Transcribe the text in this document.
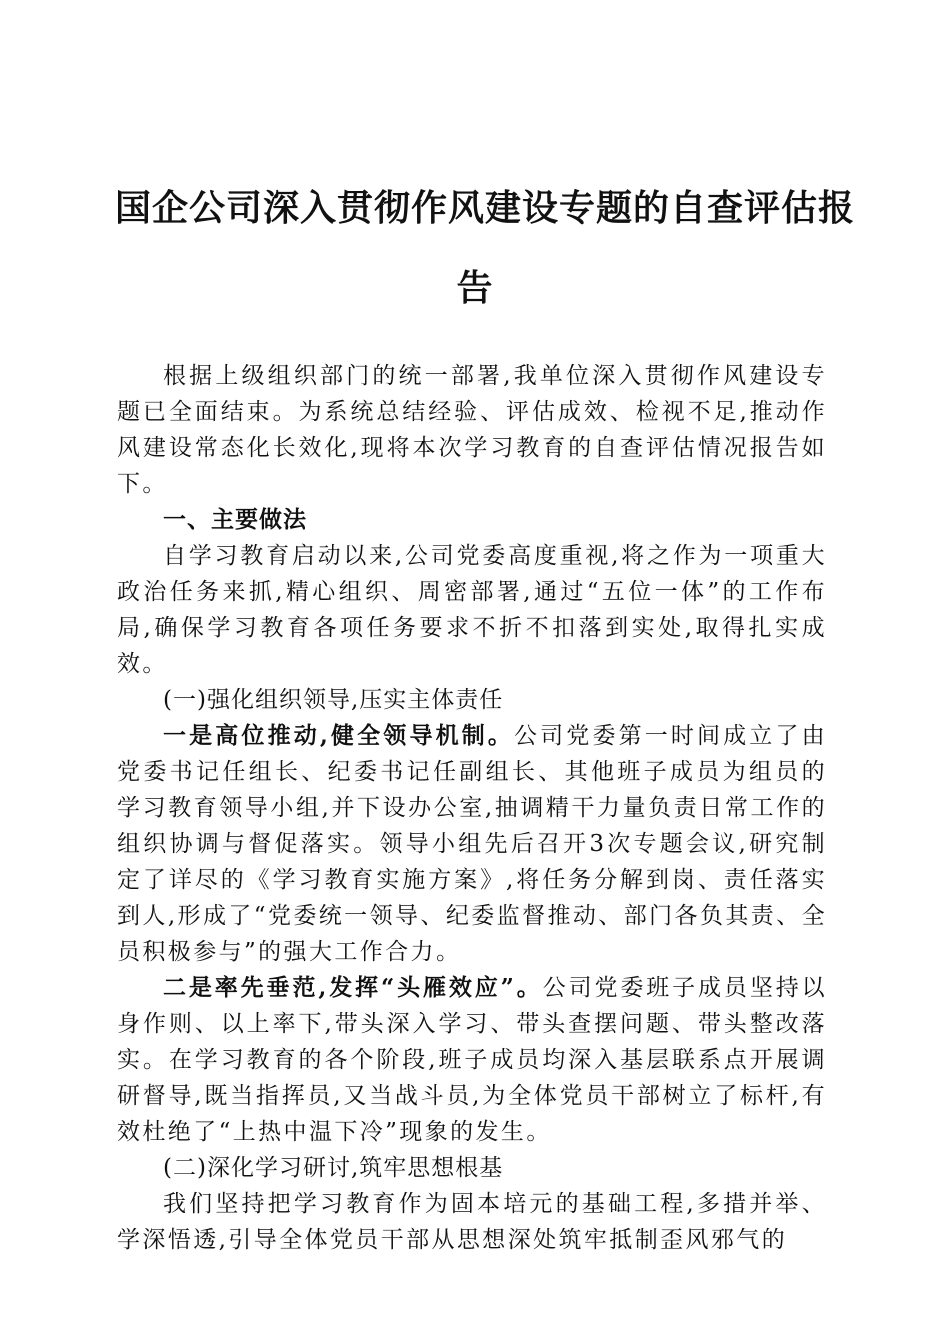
国企公司深入贯彻作风建设专题的自查评估报
告

根据上级组织部门的统一部署,我单位深入贯彻作风建设专题已全面结束。为系统总结经验、评估成效、检视不足,推动作风建设常态化长效化,现将本次学习教育的自查评估情况报告如下。

一、主要做法

自学习教育启动以来,公司党委高度重视,将之作为一项重大政治任务来抓,精心组织、周密部署,通过“五位一体”的工作布局,确保学习教育各项任务要求不折不扣落到实处,取得扎实成效。

(一)强化组织领导,压实主体责任

一是高位推动,健全领导机制。公司党委第一时间成立了由党委书记任组长、纪委书记任副组长、其他班子成员为组员的学习教育领导小组,并下设办公室,抽调精干力量负责日常工作的组织协调与督促落实。领导小组先后召开3次专题会议,研究制定了详尽的《学习教育实施方案》,将任务分解到岗、责任落实到人,形成了“党委统一领导、纪委监督推动、部门各负其责、全员积极参与”的强大工作合力。

二是率先垂范,发挥“头雁效应”。公司党委班子成员坚持以身作则、以上率下,带头深入学习、带头查摆问题、带头整改落实。在学习教育的各个阶段,班子成员均深入基层联系点开展调研督导,既当指挥员,又当战斗员,为全体党员干部树立了标杆,有效杜绝了“上热中温下冷”现象的发生。

(二)深化学习研讨,筑牢思想根基

我们坚持把学习教育作为固本培元的基础工程,多措并举、学深悟透,引导全体党员干部从思想深处筑牢抵制歪风邪气的
